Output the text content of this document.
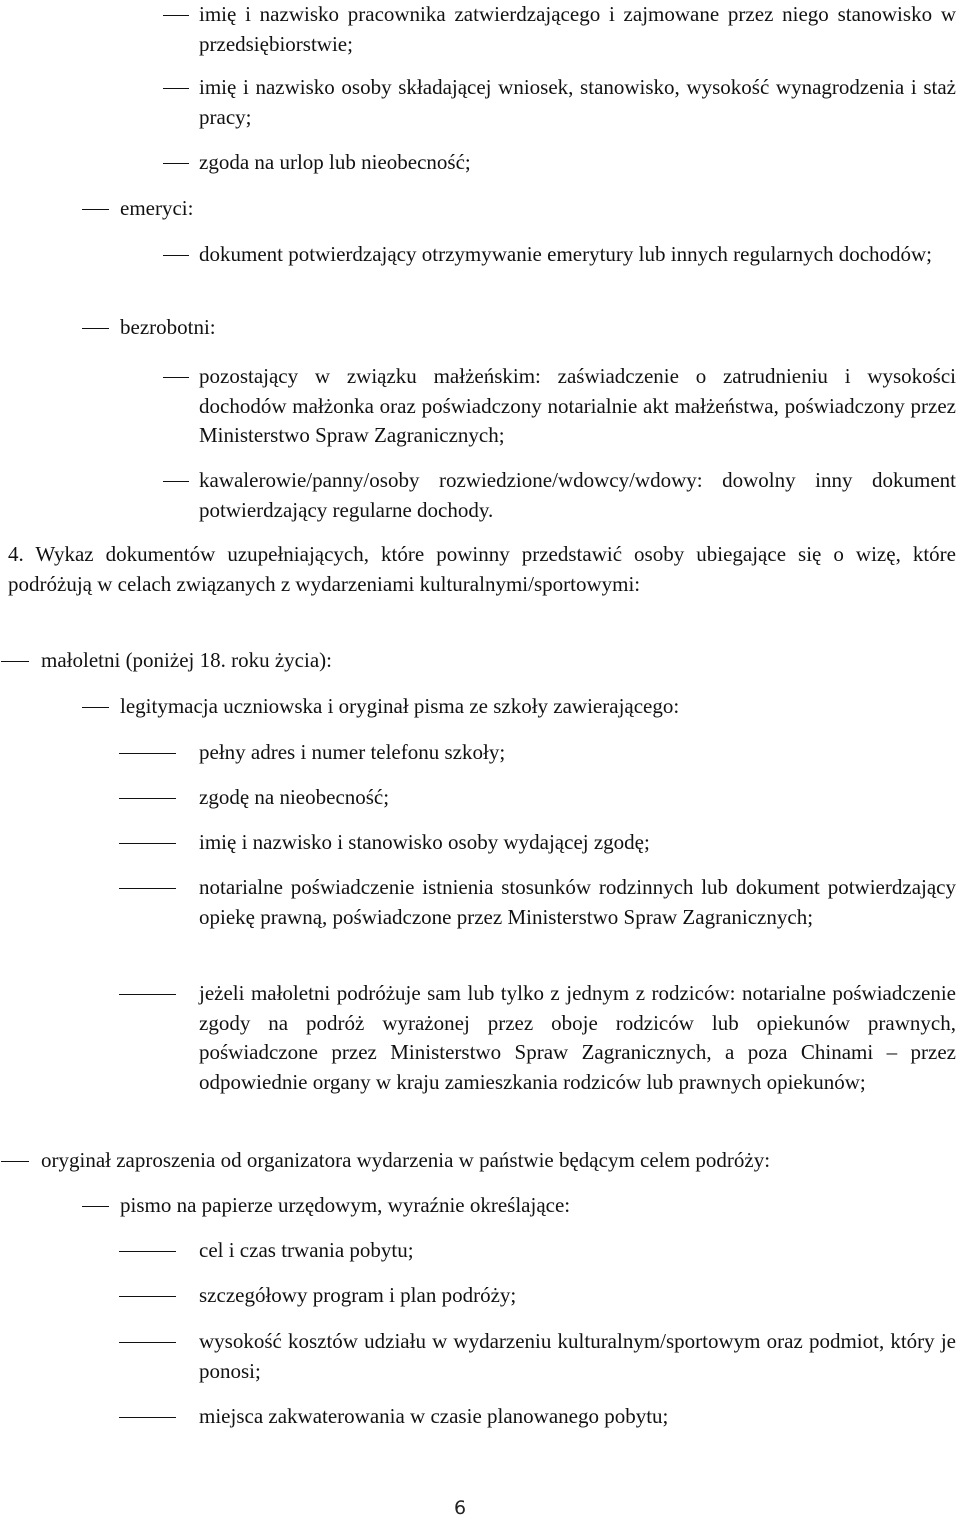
imię i nazwisko pracownika zatwierdzającego i zajmowane przez niego stanowisko w przedsiębiorstwie;
imię i nazwisko osoby składającej wniosek, stanowisko, wysokość wynagrodzenia i staż pracy;
zgoda na urlop lub nieobecność;
emeryci:
dokument potwierdzający otrzymywanie emerytury lub innych regularnych dochodów;
bezrobotni:
pozostający w związku małżeńskim: zaświadczenie o zatrudnieniu i wysokości dochodów małżonka oraz poświadczony notarialnie akt małżeństwa, poświadczony przez Ministerstwo Spraw Zagranicznych;
kawalerowie/panny/osoby rozwiedzione/wdowcy/wdowy: dowolny inny dokument potwierdzający regularne dochody.
4. Wykaz dokumentów uzupełniających, które powinny przedstawić osoby ubiegające się o wizę, które podróżują w celach związanych z wydarzeniami kulturalnymi/sportowymi:
małoletni (poniżej 18. roku życia):
legitymacja uczniowska i oryginał pisma ze szkoły zawierającego:
pełny adres i numer telefonu szkoły;
zgodę na nieobecność;
imię i nazwisko i stanowisko osoby wydającej zgodę;
notarialne poświadczenie istnienia stosunków rodzinnych lub dokument potwierdzający opiekę prawną, poświadczone przez Ministerstwo Spraw Zagranicznych;
jeżeli małoletni podróżuje sam lub tylko z jednym z rodziców: notarialne poświadczenie zgody na podróż wyrażonej przez oboje rodziców lub opiekunów prawnych, poświadczone przez Ministerstwo Spraw Zagranicznych, a poza Chinami – przez odpowiednie organy w kraju zamieszkania rodziców lub prawnych opiekunów;
oryginał zaproszenia od organizatora wydarzenia w państwie będącym celem podróży:
pismo na papierze urzędowym, wyraźnie określające:
cel i czas trwania pobytu;
szczegółowy program i plan podróży;
wysokość kosztów udziału w wydarzeniu kulturalnym/sportowym oraz podmiot, który je ponosi;
miejsca zakwaterowania w czasie planowanego pobytu;
6
